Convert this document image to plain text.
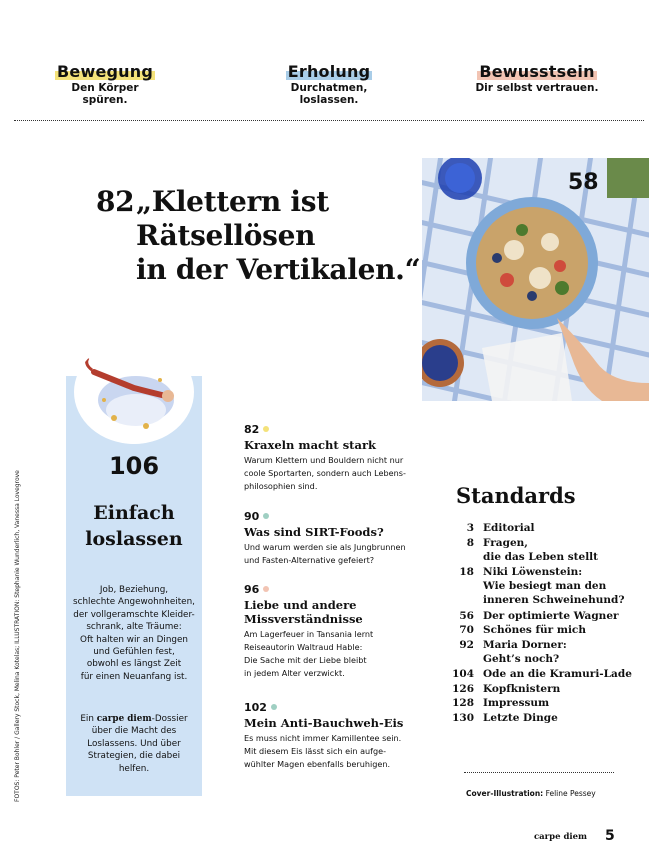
Bewegung
Den Körper spüren.
Erholung
Durchatmen, loslassen.
Bewusstsein
Dir selbst vertrauen.
82 „Klettern ist
Rätsellösen
in der Vertikalen.“
58
106
Einfach
loslassen
Job, Beziehung,
schlechte Angewohnheiten,
der vollgeramschte Kleider-
schrank, alte Träume:
Oft halten wir an Dingen
und Gefühlen fest,
obwohl es längst Zeit
für einen Neuanfang ist.
Ein carpe diem-Dossier
über die Macht des
Loslassens. Und über
Strategien, die dabei
helfen.
FOTOS: Peter Bohler / Gallery Stock, Melina Kotelas; ILLUSTRATION: Stephanie Wunderlich, Vanessa Lovegrove
82
Kraxeln macht stark
Warum Klettern und Bouldern nicht nur
coole Sportarten, sondern auch Lebens-
philosophien sind.
90
Was sind SIRT-Foods?
Und warum werden sie als Jungbrunnen
und Fasten-Alternative gefeiert?
96
Liebe und andere
Missverständnisse
Am Lagerfeuer in Tansania lernt
Reiseautorin Waltraud Hable:
Die Sache mit der Liebe bleibt
in jedem Alter verzwickt.
102
Mein Anti-Bauchweh-Eis
Es muss nicht immer Kamillentee sein.
Mit diesem Eis lässt sich ein aufge-
wühlter Magen ebenfalls beruhigen.
Standards
3 Editorial
8 Fragen,
die das Leben stellt
18 Niki Löwenstein:
Wie besiegt man den
inneren Schweinehund?
56 Der optimierte Wagner
70 Schönes für mich
92 Maria Dorner:
Geht’s noch?
104 Ode an die Kramuri-Lade
126 Kopfknistern
128 Impressum
130 Letzte Dinge
Cover-Illustration: Feline Pessey
carpe diem 5
